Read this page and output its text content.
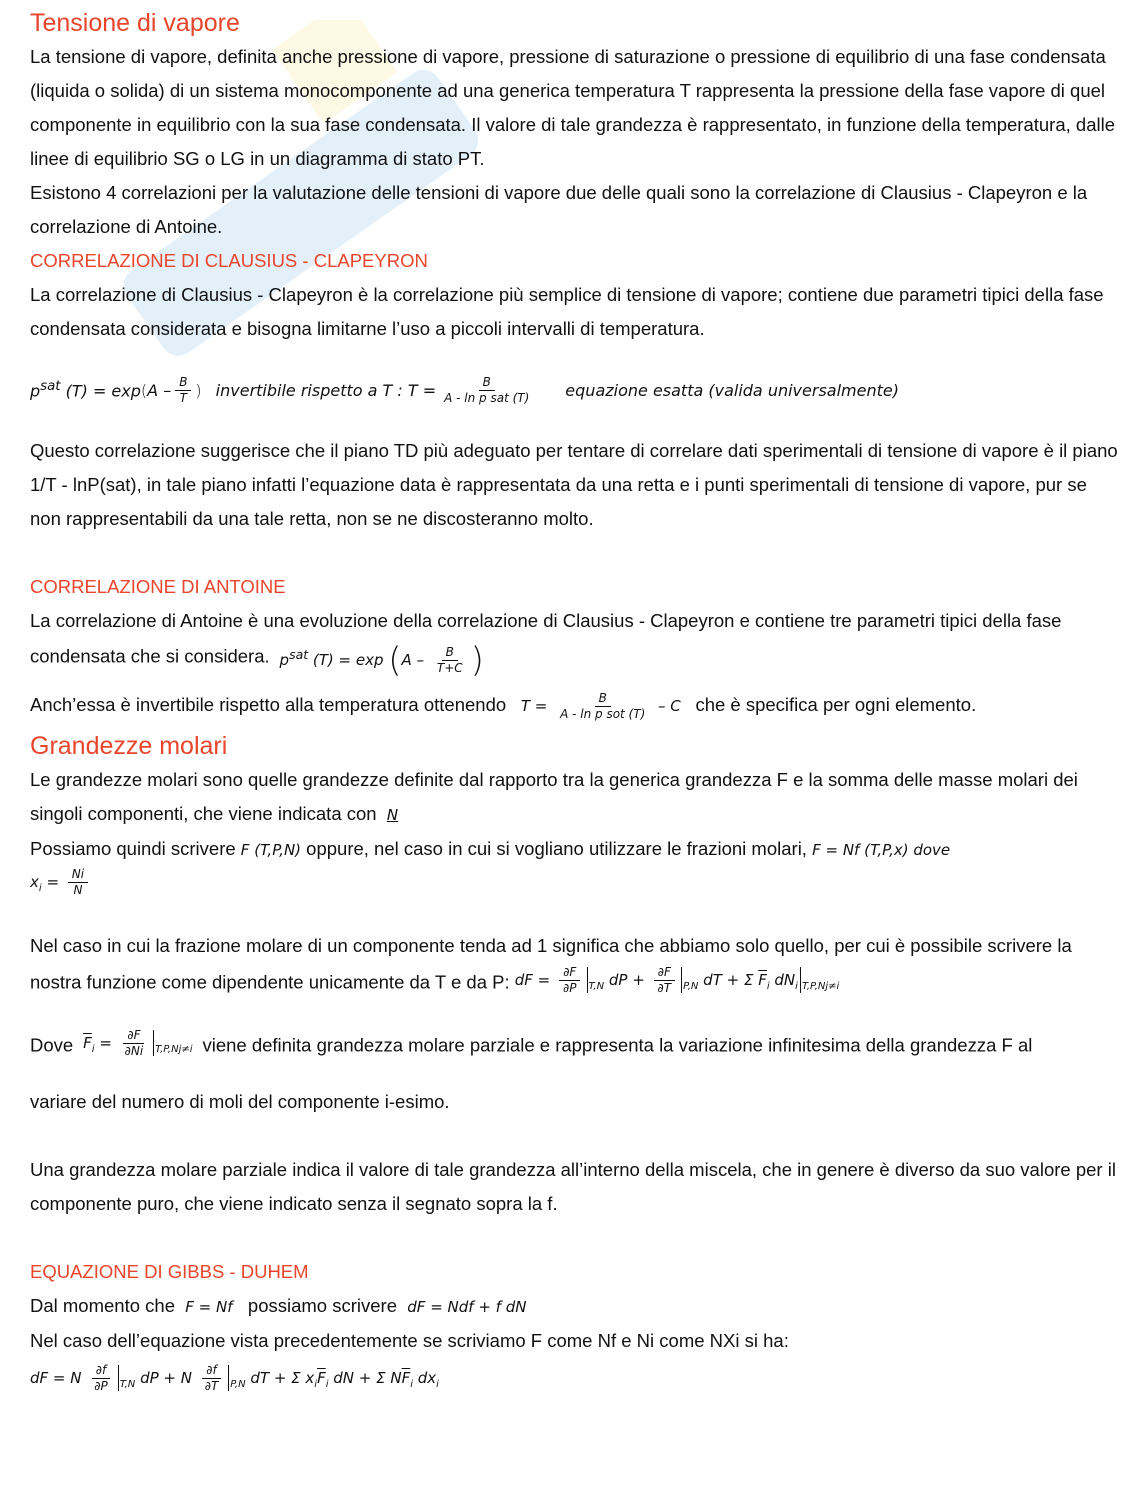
Tensione di vapore

La tensione di vapore, definita anche pressione di vapore, pressione di saturazione o pressione di equilibrio di una fase condensata (liquida o solida) di un sistema monocomponente ad una generica temperatura T rappresenta la pressione della fase vapore di quel componente in equilibrio con la sua fase condensata. Il valore di tale grandezza è rappresentato, in funzione della temperatura, dalle linee di equilibrio SG o LG in un diagramma di stato PT.

Esistono 4 correlazioni per la valutazione delle tensioni di vapore due delle quali sono la correlazione di Clausius - Clapeyron e la correlazione di Antoine.

CORRELAZIONE DI CLAUSIUS - CLAPEYRON

La correlazione di Clausius - Clapeyron è la correlazione più semplice di tensione di vapore; contiene due parametri tipici della fase condensata considerata e bisogna limitarne l’uso a piccoli intervalli di temperatura.

$p^{sat}$ (T) = exp ( A – $\frac{B}{T}$ ) invertibile rispetto a T : $T = \frac{B}{\text{A - ln p sat (T)}}$ equazione esatta (valida universalmente)

Questo correlazione suggerisce che il piano TD più adeguato per tentare di correlare dati sperimentali di tensione di vapore è il piano 1/T - lnP(sat), in tale piano infatti l’equazione data è rappresentata da una retta e i punti sperimentali di tensione di vapore, pur se non rappresentabili da una tale retta, non se ne discosteranno molto.

CORRELAZIONE DI ANTOINE

La correlazione di Antoine è una evoluzione della correlazione di Clausius - Clapeyron e contiene tre parametri tipici della fase condensata che si considera.  $p^{sat}$ $(T) = \exp (A - \frac{B}{T+C}$ )

Anch’essa è invertibile rispetto alla temperatura ottenendo   $T = \frac{B}{\text{A - ln p sot (T)}} - C$   che è specifica per ogni elemento.

Grandezze molari

Le grandezze molari sono quelle grandezze definite dal rapporto tra la generica grandezza F e la somma delle masse molari dei singoli componenti, che viene indicata con N

Possiamo quindi scrivere F (T,P,N) oppure, nel caso in cui si vogliano utilizzare le frazioni molari, F = Nf (T,P,x) dove

$x_i = \frac{Ni}{N}$

Nel caso in cui la frazione molare di un componente tenda ad 1 significa che abbiamo solo quello, per cui è possibile scrivere la nostra funzione come dipendente unicamente da T e da P: dF = $\frac{\partial F}{\partial P} _{T,N}$ dP + $\frac{\partial F}{\partial T} _{P,N}$ dT + Σ $\overline{F}_i$ $dN_i$ $_{T,P,Nj\ne i}$

Dove $\overline{F}_i = \frac{\partial F}{\partial Ni} _{T,P,Nj\ne i}$ viene definita grandezza molare parziale e rappresenta la variazione infinitesima della grandezza F al

variare del numero di moli del componente i-esimo.

Una grandezza molare parziale indica il valore di tale grandezza all’interno della miscela, che in genere è diverso da suo valore per il componente puro, che viene indicato senza il segnato sopra la f.

EQUAZIONE DI GIBBS - DUHEM

Dal momento che F = Nf possiamo scrivere dF = Ndf + f dN

Nel caso dell’equazione vista precedentemente se scriviamo F come Nf e Ni come NXi si ha:

dF = N $\frac{\partial f}{\partial P} _{T,N}$ dP + N $\frac{\partial f}{\partial T} _{P,N}$ dT + Σ $x_i\overline{F}_i$ dN + Σ $N\overline{F}_i$ $dx_i$
